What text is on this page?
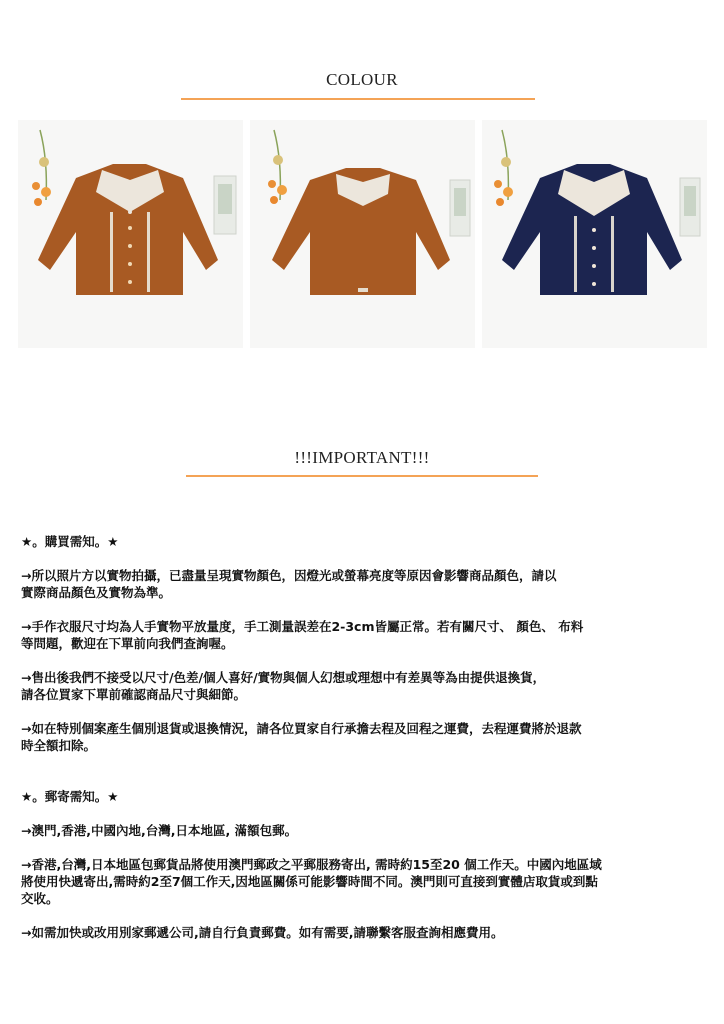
COLOUR
!!!IMPORTANT!!!

★。購買需知。★

→所以照片方以實物拍攝，已盡量呈現實物顏色，因燈光或螢幕亮度等原因會影響商品顏色，請以

實際商品顏色及實物為準。

→手作衣服尺寸均為人手實物平放量度，手工測量誤差在2-3cm皆屬正常。若有關尺寸、 顏色、 布料

等問題，歡迎在下單前向我們查詢喔。

→售出後我們不接受以尺寸/色差/個人喜好/實物與個人幻想或理想中有差異等為由提供退換貨，

請各位買家下單前確認商品尺寸與細節。

→如在特別個案產生個別退貨或退換情況，請各位買家自行承擔去程及回程之運費，去程運費將於退款

時全額扣除。

★。郵寄需知。★

→澳門,香港,中國內地,台灣,日本地區, 滿額包郵。

→香港,台灣,日本地區包郵貨品將使用澳門郵政之平郵服務寄出, 需時約15至20 個工作天。中國內地區域

將使用快遞寄出,需時約2至7個工作天,因地區關係可能影響時間不同。澳門則可直接到實體店取貨或到點

交收。

→如需加快或改用別家郵遞公司,請自行負責郵費。如有需要,請聯繫客服查詢相應費用。
